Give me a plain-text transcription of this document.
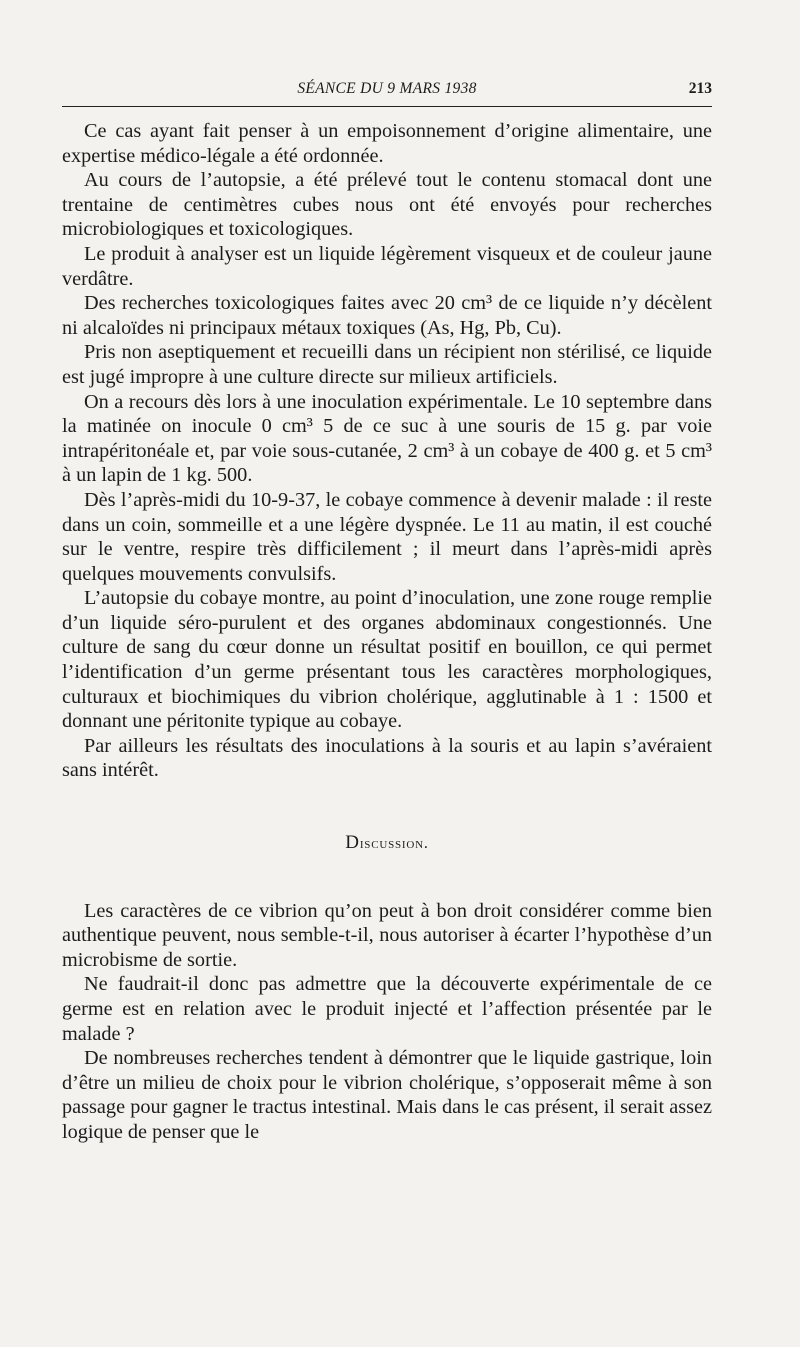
SÉANCE DU 9 MARS 1938	213

Ce cas ayant fait penser à un empoisonnement d’origine alimentaire, une expertise médico-légale a été ordonnée.

Au cours de l’autopsie, a été prélevé tout le contenu stomacal dont une trentaine de centimètres cubes nous ont été envoyés pour recherches microbiologiques et toxicologiques.

Le produit à analyser est un liquide légèrement visqueux et de couleur jaune verdâtre.

Des recherches toxicologiques faites avec 20 cm³ de ce liquide n’y décèlent ni alcaloïdes ni principaux métaux toxiques (As, Hg, Pb, Cu).

Pris non aseptiquement et recueilli dans un récipient non stérilisé, ce liquide est jugé impropre à une culture directe sur milieux artificiels.

On a recours dès lors à une inoculation expérimentale. Le 10 septembre dans la matinée on inocule 0 cm³ 5 de ce suc à une souris de 15 g. par voie intrapéritonéale et, par voie sous-cutanée, 2 cm³ à un cobaye de 400 g. et 5 cm³ à un lapin de 1 kg. 500.

Dès l’après-midi du 10-9-37, le cobaye commence à devenir malade : il reste dans un coin, sommeille et a une légère dyspnée. Le 11 au matin, il est couché sur le ventre, respire très difficilement ; il meurt dans l’après-midi après quelques mouvements convulsifs.

L’autopsie du cobaye montre, au point d’inoculation, une zone rouge remplie d’un liquide séro-purulent et des organes abdominaux congestionnés. Une culture de sang du cœur donne un résultat positif en bouillon, ce qui permet l’identification d’un germe présentant tous les caractères morphologiques, culturaux et biochimiques du vibrion cholérique, agglutinable à 1 : 1500 et donnant une péritonite typique au cobaye.

Par ailleurs les résultats des inoculations à la souris et au lapin s’avéraient sans intérêt.

Discussion.

Les caractères de ce vibrion qu’on peut à bon droit considérer comme bien authentique peuvent, nous semble-t-il, nous autoriser à écarter l’hypothèse d’un microbisme de sortie.

Ne faudrait-il donc pas admettre que la découverte expérimentale de ce germe est en relation avec le produit injecté et l’affection présentée par le malade ?

De nombreuses recherches tendent à démontrer que le liquide gastrique, loin d’être un milieu de choix pour le vibrion cholérique, s’opposerait même à son passage pour gagner le tractus intestinal. Mais dans le cas présent, il serait assez logique de penser que le
